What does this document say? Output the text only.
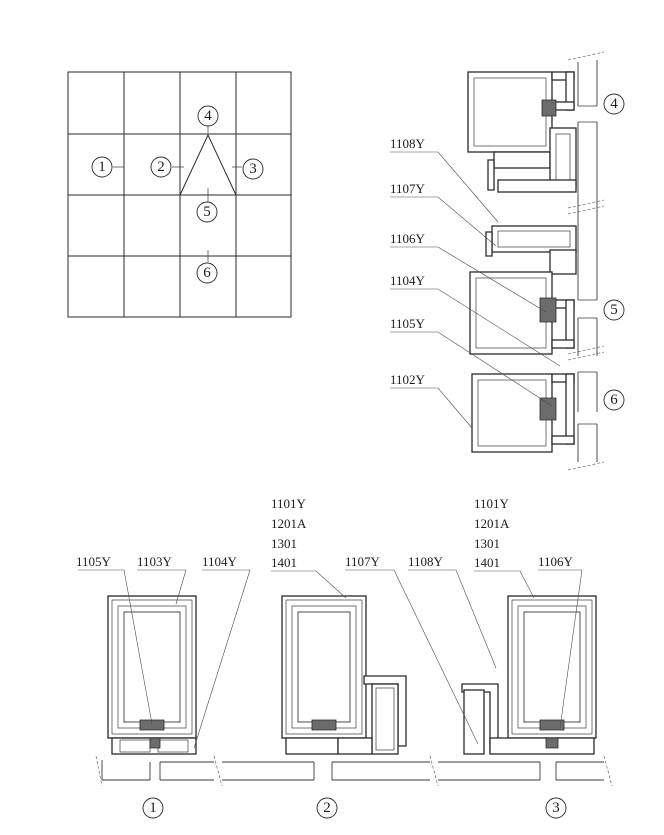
1	2	3
4
5
6
1108Y
1107Y
1106Y
1104Y
1105Y
1102Y
4
5
6
1105Y 1103Y 1104Y
1101Y
1201A
1301
1401	1107Y 1108Y
1101Y
1201A
1301
1401	1106Y
1	2	3
